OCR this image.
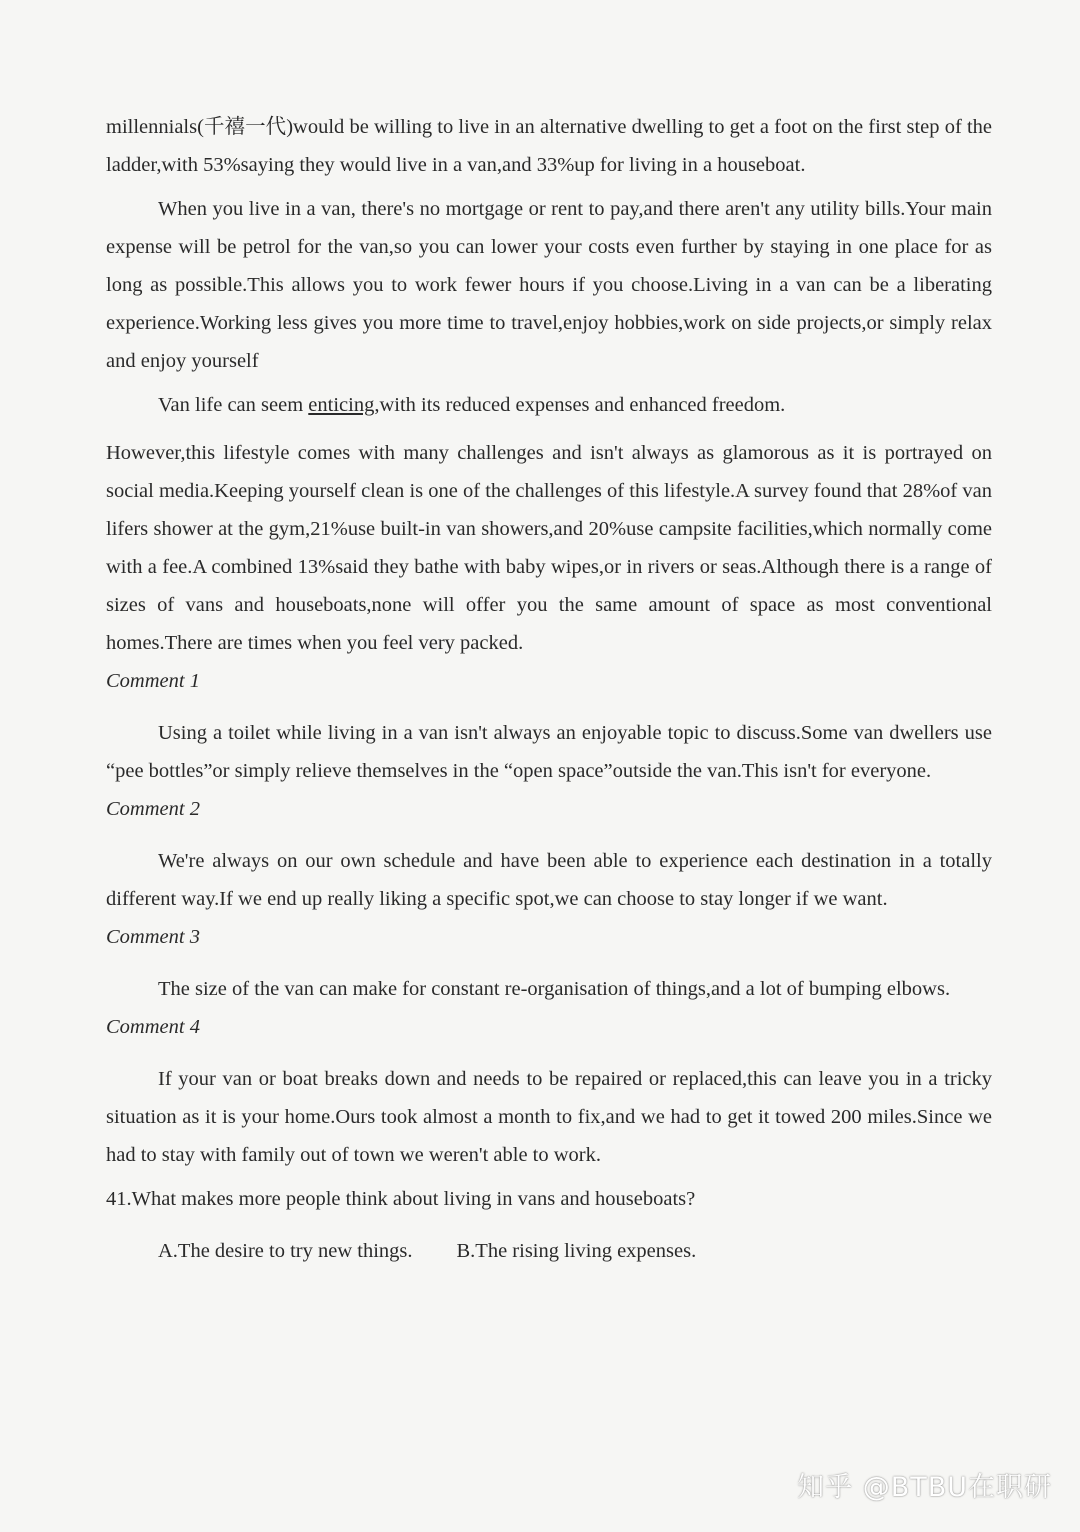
millennials(千禧一代)would be willing to live in an alternative dwelling to get a foot on the first step of the ladder,with 53%saying they would live in a van,and 33%up for living in a houseboat.

When you live in a van, there's no mortgage or rent to pay,and there aren't any utility bills.Your main expense will be petrol for the van,so you can lower your costs even further by staying in one place for as long as possible.This allows you to work fewer hours if you choose.Living in a van can be a liberating experience.Working less gives you more time to travel,enjoy hobbies,work on side projects,or simply relax and enjoy yourself

Van life can seem enticing,with its reduced expenses and enhanced freedom.

However,this lifestyle comes with many challenges and isn't always as glamorous as it is portrayed on social media.Keeping yourself clean is one of the challenges of this lifestyle.A survey found that 28%of van lifers shower at the gym,21%use built-in van showers,and 20%use campsite facilities,which normally come with a fee.A combined 13%said they bathe with baby wipes,or in rivers or seas.Although there is a range of sizes of vans and houseboats,none will offer you the same amount of space as most conventional homes.There are times when you feel very packed.

Comment 1

Using a toilet while living in a van isn't always an enjoyable topic to discuss.Some van dwellers use “pee bottles”or simply relieve themselves in the “open space”outside the van.This isn't for everyone.

Comment 2

We're always on our own schedule and have been able to experience each destination in a totally different way.If we end up really liking a specific spot,we can choose to stay longer if we want.

Comment 3

The size of the van can make for constant re-organisation of things,and a lot of bumping elbows.

Comment 4

If your van or boat breaks down and needs to be repaired or replaced,this can leave you in a tricky situation as it is your home.Ours took almost a month to fix,and we had to get it towed 200 miles.Since we had to stay with family out of town we weren't able to work.

41.What makes more people think about living in vans and houseboats?

A.The desire to try new things. B.The rising living expenses.
知乎 @BTBU在职研
